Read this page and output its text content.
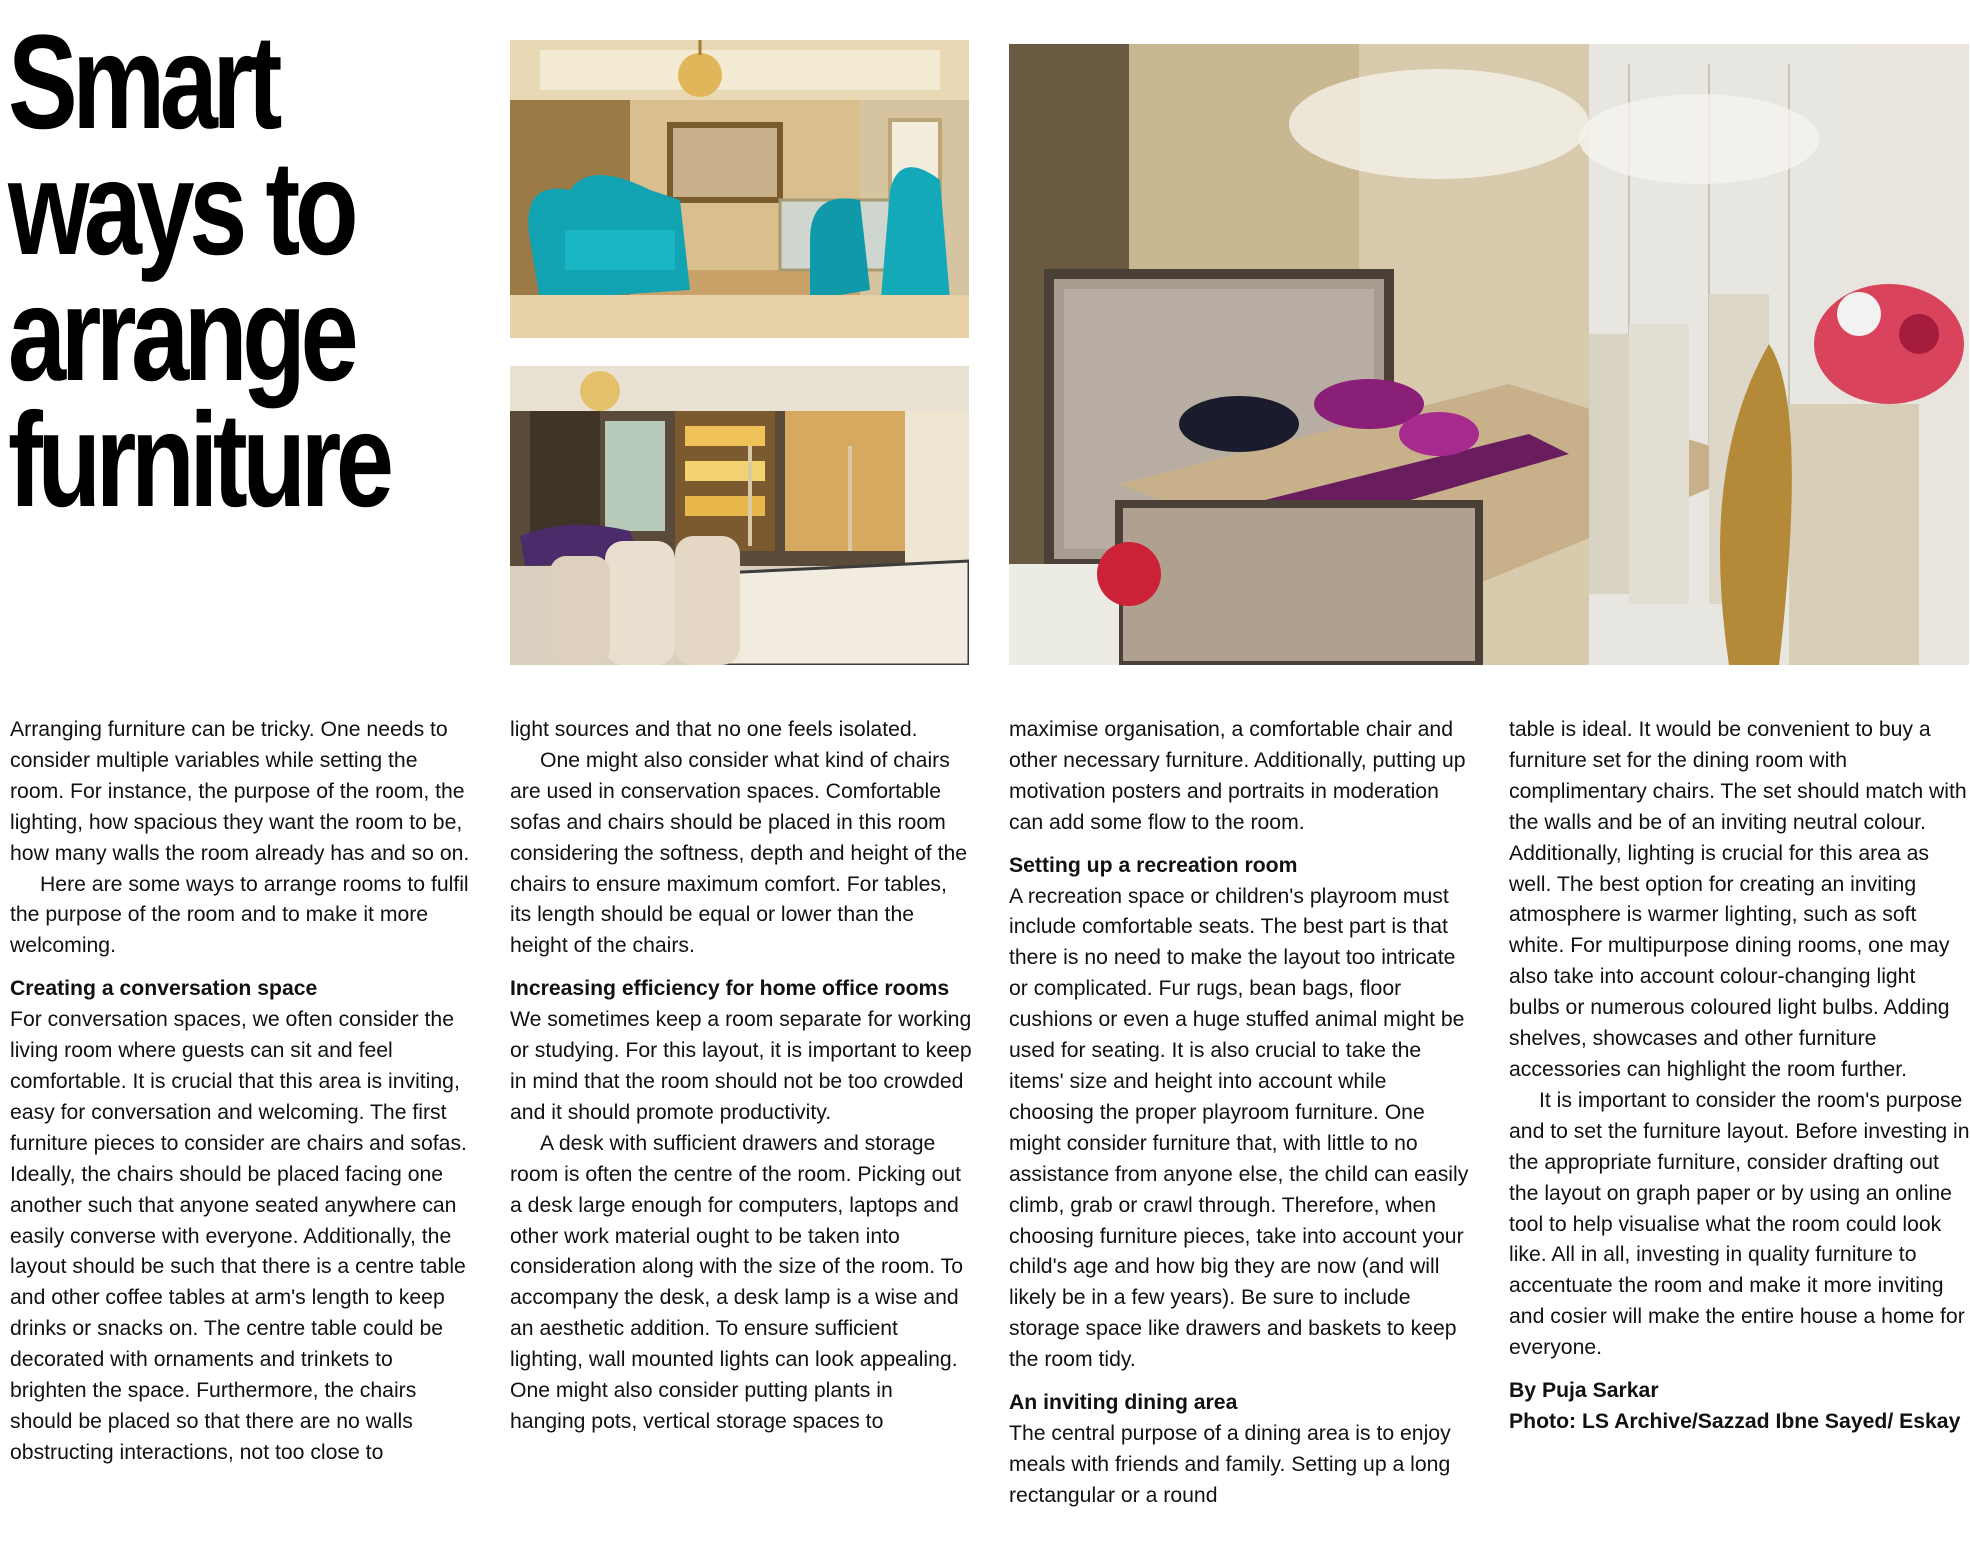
Smart
ways to
arrange
furniture

Arranging furniture can be tricky. One needs to consider multiple variables while setting the room. For instance, the purpose of the room, the lighting, how spacious they want the room to be, how many walls the room already has and so on.

Here are some ways to arrange rooms to fulfil the purpose of the room and to make it more welcoming.

Creating a conversation space

For conversation spaces, we often consider the living room where guests can sit and feel comfortable. It is crucial that this area is inviting, easy for conversation and welcoming. The first furniture pieces to consider are chairs and sofas. Ideally, the chairs should be placed facing one another such that anyone seated anywhere can easily converse with everyone. Additionally, the layout should be such that there is a centre table and other coffee tables at arm's length to keep drinks or snacks on. The centre table could be decorated with ornaments and trinkets to brighten the space. Furthermore, the chairs should be placed so that there are no walls obstructing interactions, not too close to

light sources and that no one feels isolated.

One might also consider what kind of chairs are used in conservation spaces. Comfortable sofas and chairs should be placed in this room considering the softness, depth and height of the chairs to ensure maximum comfort. For tables, its length should be equal or lower than the height of the chairs.

Increasing efficiency for home office rooms

We sometimes keep a room separate for working or studying. For this layout, it is important to keep in mind that the room should not be too crowded and it should promote productivity.

A desk with sufficient drawers and storage room is often the centre of the room. Picking out a desk large enough for computers, laptops and other work material ought to be taken into consideration along with the size of the room. To accompany the desk, a desk lamp is a wise and an aesthetic addition. To ensure sufficient lighting, wall mounted lights can look appealing. One might also consider putting plants in hanging pots, vertical storage spaces to

maximise organisation, a comfortable chair and other necessary furniture. Additionally, putting up motivation posters and portraits in moderation can add some flow to the room.

Setting up a recreation room

A recreation space or children's playroom must include comfortable seats. The best part is that there is no need to make the layout too intricate or complicated. Fur rugs, bean bags, floor cushions or even a huge stuffed animal might be used for seating. It is also crucial to take the items' size and height into account while choosing the proper playroom furniture. One might consider furniture that, with little to no assistance from anyone else, the child can easily climb, grab or crawl through. Therefore, when choosing furniture pieces, take into account your child's age and how big they are now (and will likely be in a few years). Be sure to include storage space like drawers and baskets to keep the room tidy.

An inviting dining area

The central purpose of a dining area is to enjoy meals with friends and family. Setting up a long rectangular or a round

table is ideal. It would be convenient to buy a furniture set for the dining room with complimentary chairs. The set should match with the walls and be of an inviting neutral colour. Additionally, lighting is crucial for this area as well. The best option for creating an inviting atmosphere is warmer lighting, such as soft white. For multipurpose dining rooms, one may also take into account colour-changing light bulbs or numerous coloured light bulbs. Adding shelves, showcases and other furniture accessories can highlight the room further.

It is important to consider the room's purpose and to set the furniture layout. Before investing in the appropriate furniture, consider drafting out the layout on graph paper or by using an online tool to help visualise what the room could look like. All in all, investing in quality furniture to accentuate the room and make it more inviting and cosier will make the entire house a home for everyone.

By Puja Sarkar

Photo: LS Archive/Sazzad Ibne Sayed/ Eskay
